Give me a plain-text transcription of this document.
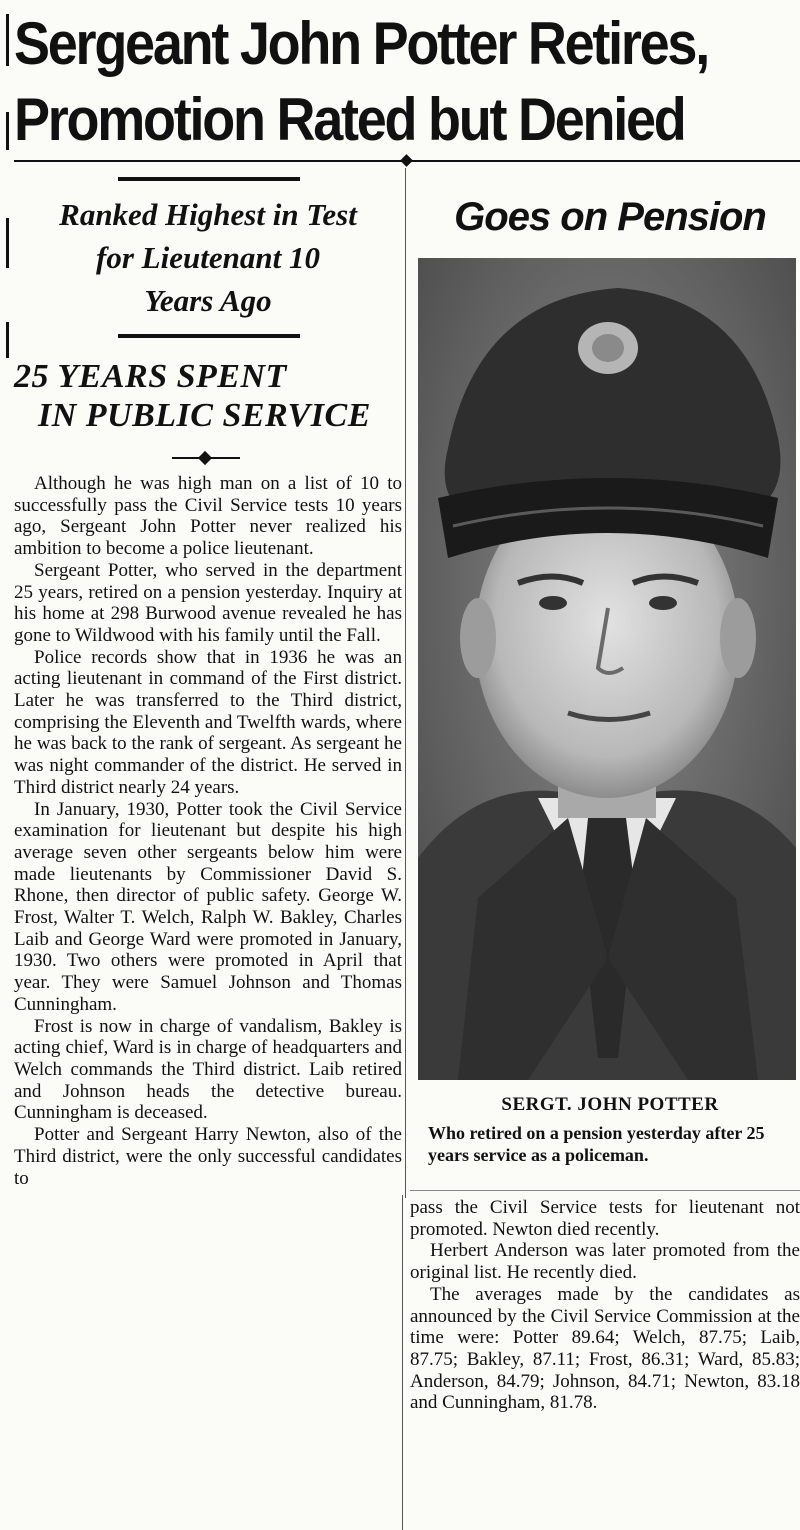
Sergeant John Potter Retires,
Promotion Rated but Denied
Ranked Highest in Test
for Lieutenant 10
Years Ago
25 YEARS SPENT
IN PUBLIC SERVICE

Although he was high man on a list of 10 to successfully pass the Civil Service tests 10 years ago, Sergeant John Potter never realized his ambition to become a police lieutenant.

Sergeant Potter, who served in the department 25 years, retired on a pension yesterday. Inquiry at his home at 298 Burwood avenue revealed he has gone to Wildwood with his family until the Fall.

Police records show that in 1936 he was an acting lieutenant in command of the First district. Later he was transferred to the Third district, comprising the Eleventh and Twelfth wards, where he was back to the rank of sergeant. As sergeant he was night commander of the district. He served in Third district nearly 24 years.

In January, 1930, Potter took the Civil Service examination for lieutenant but despite his high average seven other sergeants below him were made lieutenants by Commissioner David S. Rhone, then director of public safety. George W. Frost, Walter T. Welch, Ralph W. Bakley, Charles Laib and George Ward were promoted in January, 1930. Two others were promoted in April that year. They were Samuel Johnson and Thomas Cunningham.

Frost is now in charge of vandalism, Bakley is acting chief, Ward is in charge of headquarters and Welch commands the Third district. Laib retired and Johnson heads the detective bureau. Cunningham is deceased.

Potter and Sergeant Harry Newton, also of the Third district, were the only successful candidates to

Goes on Pension
SERGT. JOHN POTTER

Who retired on a pension yesterday after 25 years service as a policeman.

pass the Civil Service tests for lieutenant not promoted. Newton died recently.

Herbert Anderson was later promoted from the original list. He recently died.

The averages made by the candidates as announced by the Civil Service Commission at the time were: Potter 89.64; Welch, 87.75; Laib, 87.75; Bakley, 87.11; Frost, 86.31; Ward, 85.83; Anderson, 84.79; Johnson, 84.71; Newton, 83.18 and Cunningham, 81.78.
